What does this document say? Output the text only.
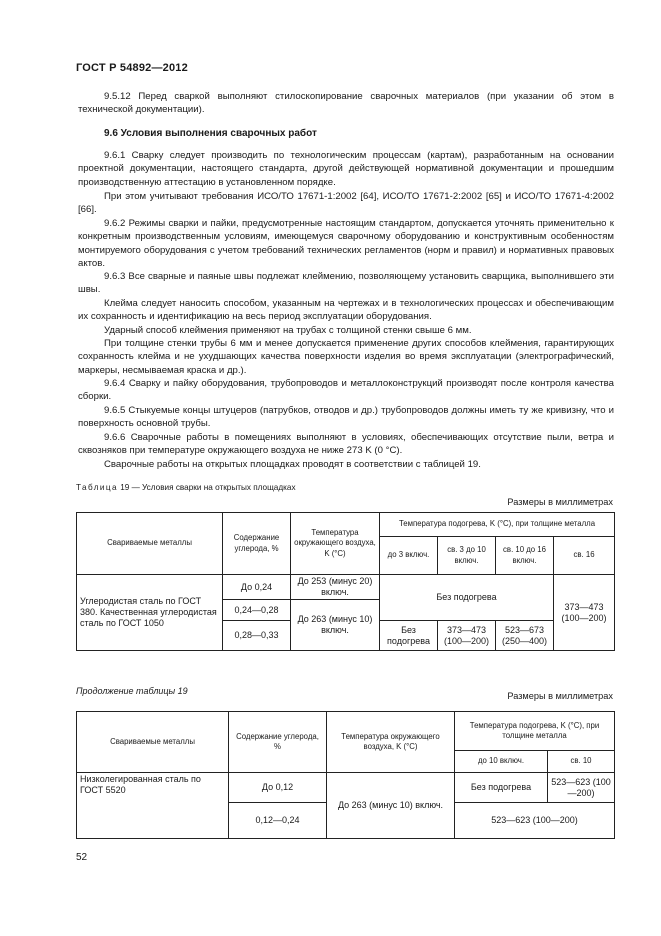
ГОСТ Р 54892—2012
9.5.12 Перед сваркой выполняют стилоскопирование сварочных материалов (при указании об этом в технической документации).
9.6 Условия выполнения сварочных работ
9.6.1 Сварку следует производить по технологическим процессам (картам), разработанным на основании проектной документации, настоящего стандарта, другой действующей нормативной документации и прошедшим производственную аттестацию в установленном порядке.
При этом учитывают требования ИСО/ТО 17671-1:2002 [64], ИСО/ТО 17671-2:2002 [65] и ИСО/ТО 17671-4:2002 [66].
9.6.2 Режимы сварки и пайки, предусмотренные настоящим стандартом, допускается уточнять применительно к конкретным производственным условиям, имеющемуся сварочному оборудованию и конструктивным особенностям монтируемого оборудования с учетом требований технических регламентов (норм и правил) и нормативных правовых актов.
9.6.3 Все сварные и паяные швы подлежат клеймению, позволяющему установить сварщика, выполнившего эти швы.
Клейма следует наносить способом, указанным на чертежах и в технологических процессах и обеспечивающим их сохранность и идентификацию на весь период эксплуатации оборудования.
Ударный способ клеймения применяют на трубах с толщиной стенки свыше 6 мм.
При толщине стенки трубы 6 мм и менее допускается применение других способов клеймения, гарантирующих сохранность клейма и не ухудшающих качества поверхности изделия во время эксплуатации (электрографический, маркеры, несмываемая краска и др.).
9.6.4 Сварку и пайку оборудования, трубопроводов и металлоконструкций производят после контроля качества сборки.
9.6.5 Стыкуемые концы штуцеров (патрубков, отводов и др.) трубопроводов должны иметь ту же кривизну, что и поверхность основной трубы.
9.6.6 Сварочные работы в помещениях выполняют в условиях, обеспечивающих отсутствие пыли, ветра и сквозняков при температуре окружающего воздуха не ниже 273 K (0 °C).
Сварочные работы на открытых площадках проводят в соответствии с таблицей 19.
Таблица 19 — Условия сварки на открытых площадках
Размеры в миллиметрах
Свариваемые металлы	Содержание углерода, %	Температура окружающего воздуха, K (°C)	Температура подогрева, K (°C), при толщине металла			
			до 3 включ.	св. 3 до 10 включ.	св. 10 до 16 включ.	св. 16
Углеродистая сталь по ГОСТ 380. Качественная углеродистая сталь по ГОСТ 1050	До 0,24	До 253 (минус 20) включ.	Без подогрева			373—473 (100—200)
	0,24—0,28	До 263 (минус 10) включ.				
	0,28—0,33		Без подогрева	373—473 (100—200)	523—673 (250—400)	
Продолжение таблицы 19	Размеры в миллиметрах
Свариваемые металлы	Содержание углерода, %	Температура окружающего воздуха, K (°C)	Температура подогрева, K (°C), при толщине металла	
			до 10 включ.	св. 10
Низколегированная сталь по ГОСТ 5520	До 0,12	До 263 (минус 10) включ.	Без подогрева	523—623 (100—200)
	0,12—0,24		523—623 (100—200)	
52
